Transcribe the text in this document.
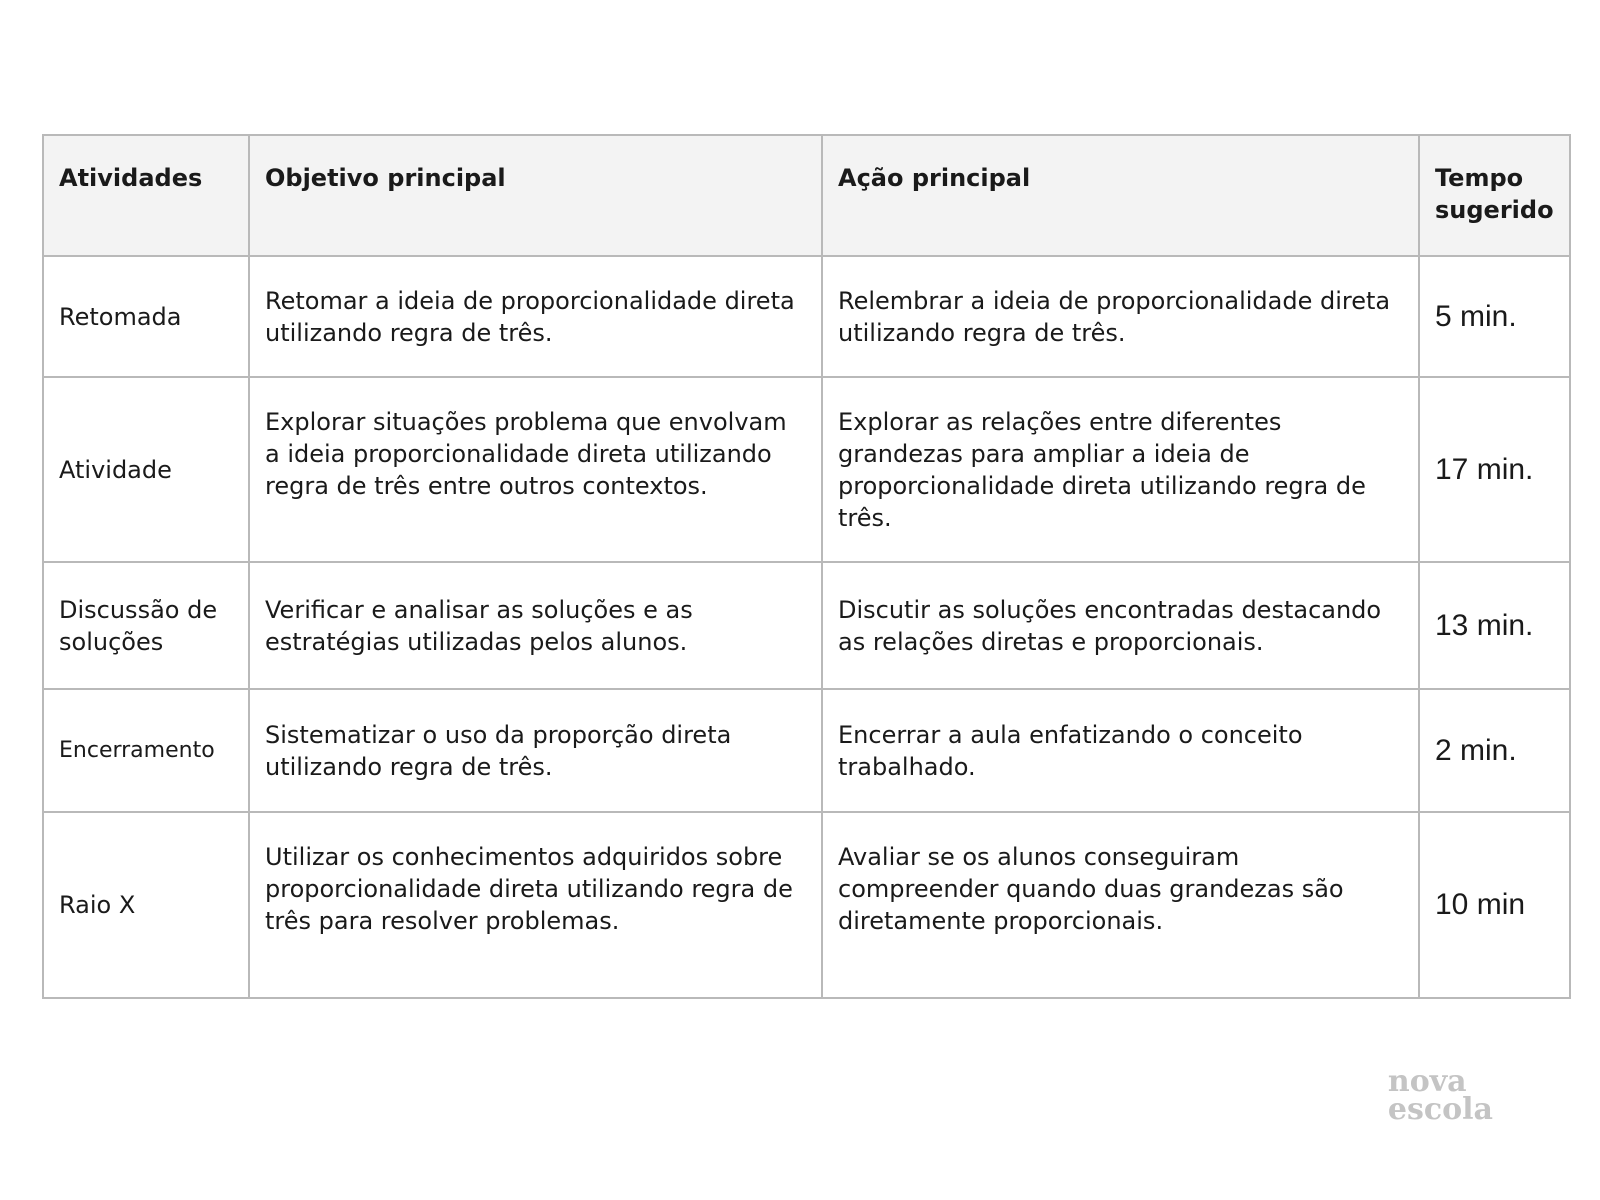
Atividades	Objetivo principal	Ação principal	Tempo sugerido
Retomada	Retomar a ideia de proporcionalidade direta utilizando regra de três.	Relembrar a ideia de proporcionalidade direta utilizando regra de três.	5 min.
Atividade	Explorar situações problema que envolvam a ideia proporcionalidade direta utilizando regra de três entre outros contextos.	Explorar as relações entre diferentes grandezas para ampliar a ideia de proporcionalidade direta utilizando regra de três.	17 min.
Discussão de soluções	Verificar e analisar as soluções e as estratégias utilizadas pelos alunos.	Discutir as soluções encontradas destacando as relações diretas e proporcionais.	13 min.
Encerramento	Sistematizar o uso da proporção direta utilizando regra de três.	Encerrar a aula enfatizando o conceito trabalhado.	2 min.
Raio X	Utilizar os conhecimentos adquiridos sobre proporcionalidade direta utilizando regra de três para resolver problemas.	Avaliar se os alunos conseguiram compreender quando duas grandezas são diretamente proporcionais.	10 min
nova
escola
